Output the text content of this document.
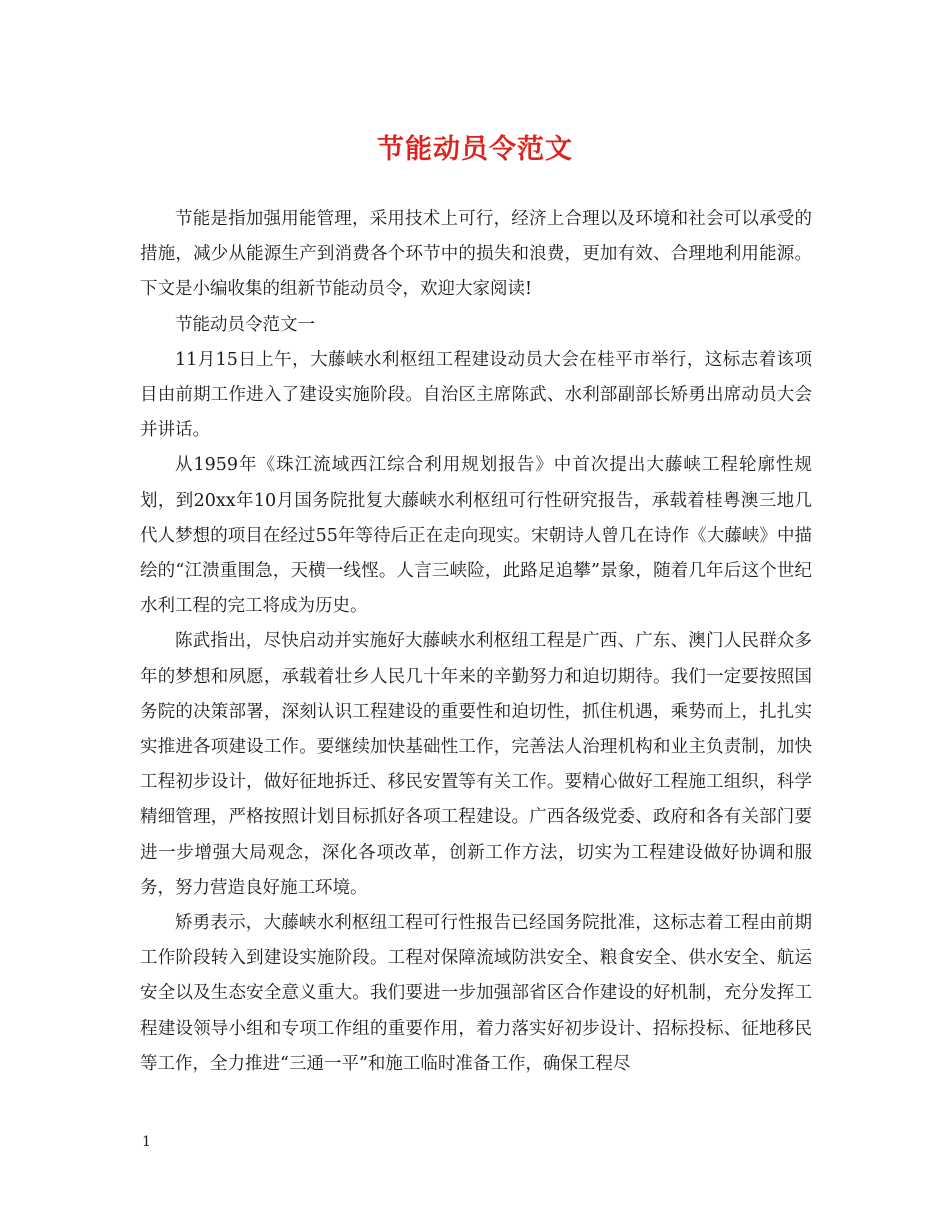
节能动员令范文

节能是指加强用能管理，采用技术上可行，经济上合理以及环境和社会可以承受的措施，减少从能源生产到消费各个环节中的损失和浪费，更加有效、合理地利用能源。下文是小编收集的组新节能动员令，欢迎大家阅读!

节能动员令范文一

11月15日上午，大藤峡水利枢纽工程建设动员大会在桂平市举行，这标志着该项目由前期工作进入了建设实施阶段。自治区主席陈武、水利部副部长矫勇出席动员大会并讲话。

从1959年《珠江流域西江综合利用规划报告》中首次提出大藤峡工程轮廓性规划，到20xx年10月国务院批复大藤峡水利枢纽可行性研究报告，承载着桂粤澳三地几代人梦想的项目在经过55年等待后正在走向现实。宋朝诗人曾几在诗作《大藤峡》中描绘的“江溃重围急，天横一线悭。人言三峡险，此路足追攀”景象，随着几年后这个世纪水利工程的完工将成为历史。

陈武指出，尽快启动并实施好大藤峡水利枢纽工程是广西、广东、澳门人民群众多年的梦想和夙愿，承载着壮乡人民几十年来的辛勤努力和迫切期待。我们一定要按照国务院的决策部署，深刻认识工程建设的重要性和迫切性，抓住机遇，乘势而上，扎扎实实推进各项建设工作。要继续加快基础性工作，完善法人治理机构和业主负责制，加快工程初步设计，做好征地拆迁、移民安置等有关工作。要精心做好工程施工组织，科学精细管理，严格按照计划目标抓好各项工程建设。广西各级党委、政府和各有关部门要进一步增强大局观念，深化各项改革，创新工作方法，切实为工程建设做好协调和服务，努力营造良好施工环境。

矫勇表示，大藤峡水利枢纽工程可行性报告已经国务院批准，这标志着工程由前期工作阶段转入到建设实施阶段。工程对保障流域防洪安全、粮食安全、供水安全、航运安全以及生态安全意义重大。我们要进一步加强部省区合作建设的好机制，充分发挥工程建设领导小组和专项工作组的重要作用，着力落实好初步设计、招标投标、征地移民等工作，全力推进“三通一平”和施工临时准备工作，确保工程尽

1
